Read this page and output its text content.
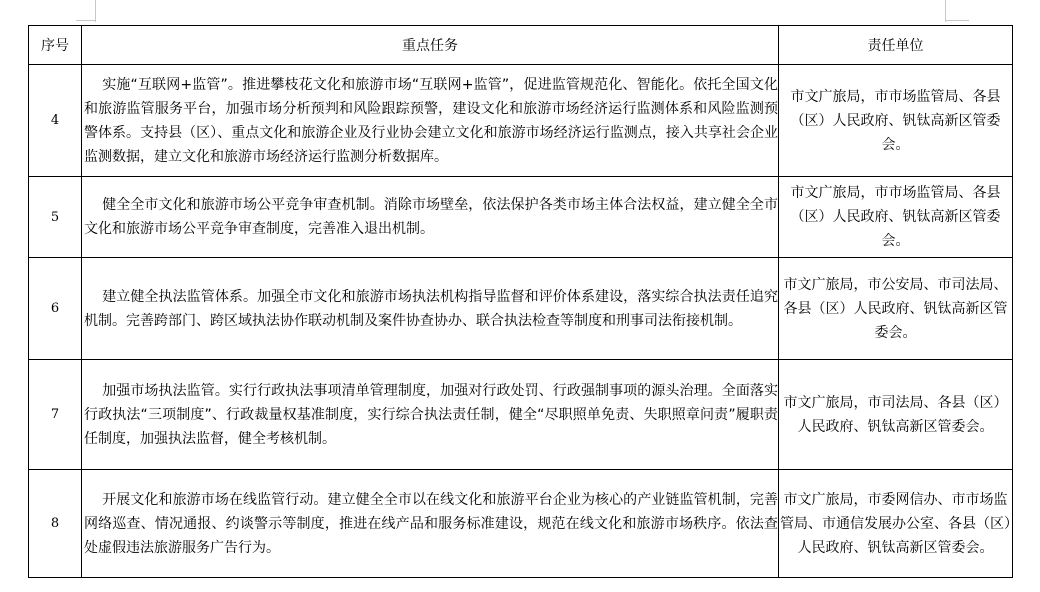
序号	重点任务	责任单位
4	实施“互联网+监管”。推进攀枝花文化和旅游市场“互联网+监管”，促进监管规范化、智能化。依托全国文化和旅游监管服务平台，加强市场分析预判和风险跟踪预警，建设文化和旅游市场经济运行监测体系和风险监测预警体系。支持县（区）、重点文化和旅游企业及行业协会建立文化和旅游市场经济运行监测点，接入共享社会企业监测数据，建立文化和旅游市场经济运行监测分析数据库。	市文广旅局，市市场监管局、各县（区）人民政府、钒钛高新区管委会。
5	健全全市文化和旅游市场公平竞争审查机制。消除市场壁垒，依法保护各类市场主体合法权益，建立健全全市文化和旅游市场公平竞争审查制度，完善准入退出机制。	市文广旅局，市市场监管局、各县（区）人民政府、钒钛高新区管委会。
6	建立健全执法监管体系。加强全市文化和旅游市场执法机构指导监督和评价体系建设，落实综合执法责任追究机制。完善跨部门、跨区域执法协作联动机制及案件协查协办、联合执法检查等制度和刑事司法衔接机制。	市文广旅局，市公安局、市司法局、各县（区）人民政府、钒钛高新区管委会。
7	加强市场执法监管。实行行政执法事项清单管理制度，加强对行政处罚、行政强制事项的源头治理。全面落实行政执法“三项制度”、行政裁量权基准制度，实行综合执法责任制，健全“尽职照单免责、失职照章问责”履职责任制度，加强执法监督，健全考核机制。	市文广旅局，市司法局、各县（区）人民政府、钒钛高新区管委会。
8	开展文化和旅游市场在线监管行动。建立健全全市以在线文化和旅游平台企业为核心的产业链监管机制，完善网络巡查、情况通报、约谈警示等制度，推进在线产品和服务标准建设，规范在线文化和旅游市场秩序。依法查处虚假违法旅游服务广告行为。	市文广旅局，市委网信办、市市场监管局、市通信发展办公室、各县（区）人民政府、钒钛高新区管委会。
